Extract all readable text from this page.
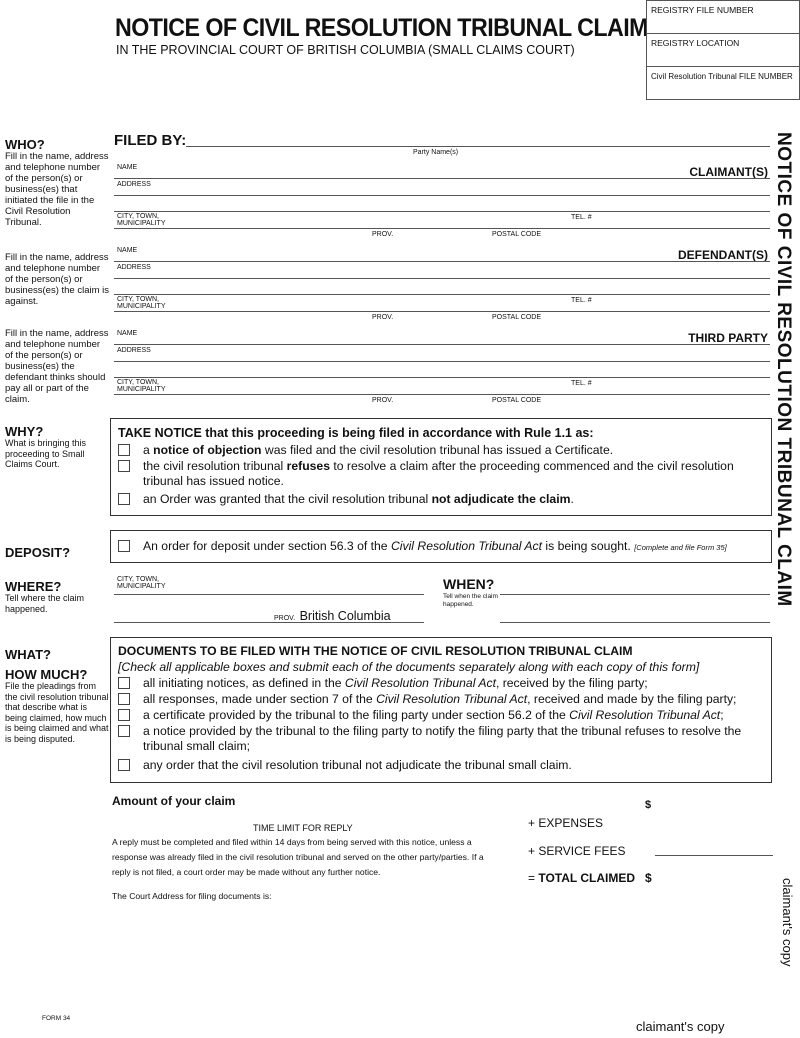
NOTICE OF CIVIL RESOLUTION TRIBUNAL CLAIM
IN THE PROVINCIAL COURT OF BRITISH COLUMBIA (SMALL CLAIMS COURT)
REGISTRY FILE NUMBER
REGISTRY LOCATION
Civil Resolution Tribunal FILE NUMBER
NOTICE OF CIVIL RESOLUTION TRIBUNAL CLAIM
claimant's copy
WHO?
Fill in the name, address and telephone number of the person(s) or business(es) that initiated the file in the Civil Resolution Tribunal.
Fill in the name, address and telephone number of the person(s) or business(es) the claim is against.
Fill in the name, address and telephone number of the person(s) or business(es) the defendant thinks should pay all or part of the claim.
FILED BY:
Party Name(s)
NAME	CLAIMANT(S)
ADDRESS
CITY, TOWN,
MUNICIPALITY
TEL. #
PROV.	POSTAL CODE
NAME	DEFENDANT(S)
ADDRESS
CITY, TOWN,
MUNICIPALITY
TEL. #
PROV.	POSTAL CODE
NAME	THIRD PARTY
ADDRESS
CITY, TOWN,
MUNICIPALITY
TEL. #
PROV.	POSTAL CODE
WHY?
What is bringing this proceeding to Small Claims Court.
TAKE NOTICE that this proceeding is being filed in accordance with Rule 1.1 as:
a notice of objection was filed and the civil resolution tribunal has issued a Certificate.
the civil resolution tribunal refuses to resolve a claim after the proceeding commenced and the civil resolution tribunal has issued notice.
an Order was granted that the civil resolution tribunal not adjudicate the claim.
DEPOSIT?	An order for deposit under section 56.3 of the Civil Resolution Tribunal Act is being sought. [Complete and file Form 35]
WHERE?
Tell where the claim happened.
CITY, TOWN,
MUNICIPALITY
PROV. British Columbia
WHEN?
Tell when the claim happened.
WHAT?
HOW MUCH?
File the pleadings from the civil resolution tribunal that describe what is being claimed, how much is being claimed and what is being disputed.
DOCUMENTS TO BE FILED WITH THE NOTICE OF CIVIL RESOLUTION TRIBUNAL CLAIM
[Check all applicable boxes and submit each of the documents separately along with each copy of this form]
all initiating notices, as defined in the Civil Resolution Tribunal Act, received by the filing party;
all responses, made under section 7 of the Civil Resolution Tribunal Act, received and made by the filing party;
a certificate provided by the tribunal to the filing party under section 56.2 of the Civil Resolution Tribunal Act;
a notice provided by the tribunal to the filing party to notify the filing party that the tribunal refuses to resolve the tribunal small claim;
any order that the civil resolution tribunal not adjudicate the tribunal small claim.
Amount of your claim	$
+ EXPENSES
+ SERVICE FEES
= TOTAL CLAIMED $
TIME LIMIT FOR REPLY
A reply must be completed and filed within 14 days from being served with this notice, unless a response was already filed in the civil resolution tribunal and served on the other party/parties. If a reply is not filed, a court order may be made without any further notice.
The Court Address for filing documents is:
FORM 34
claimant's copy
